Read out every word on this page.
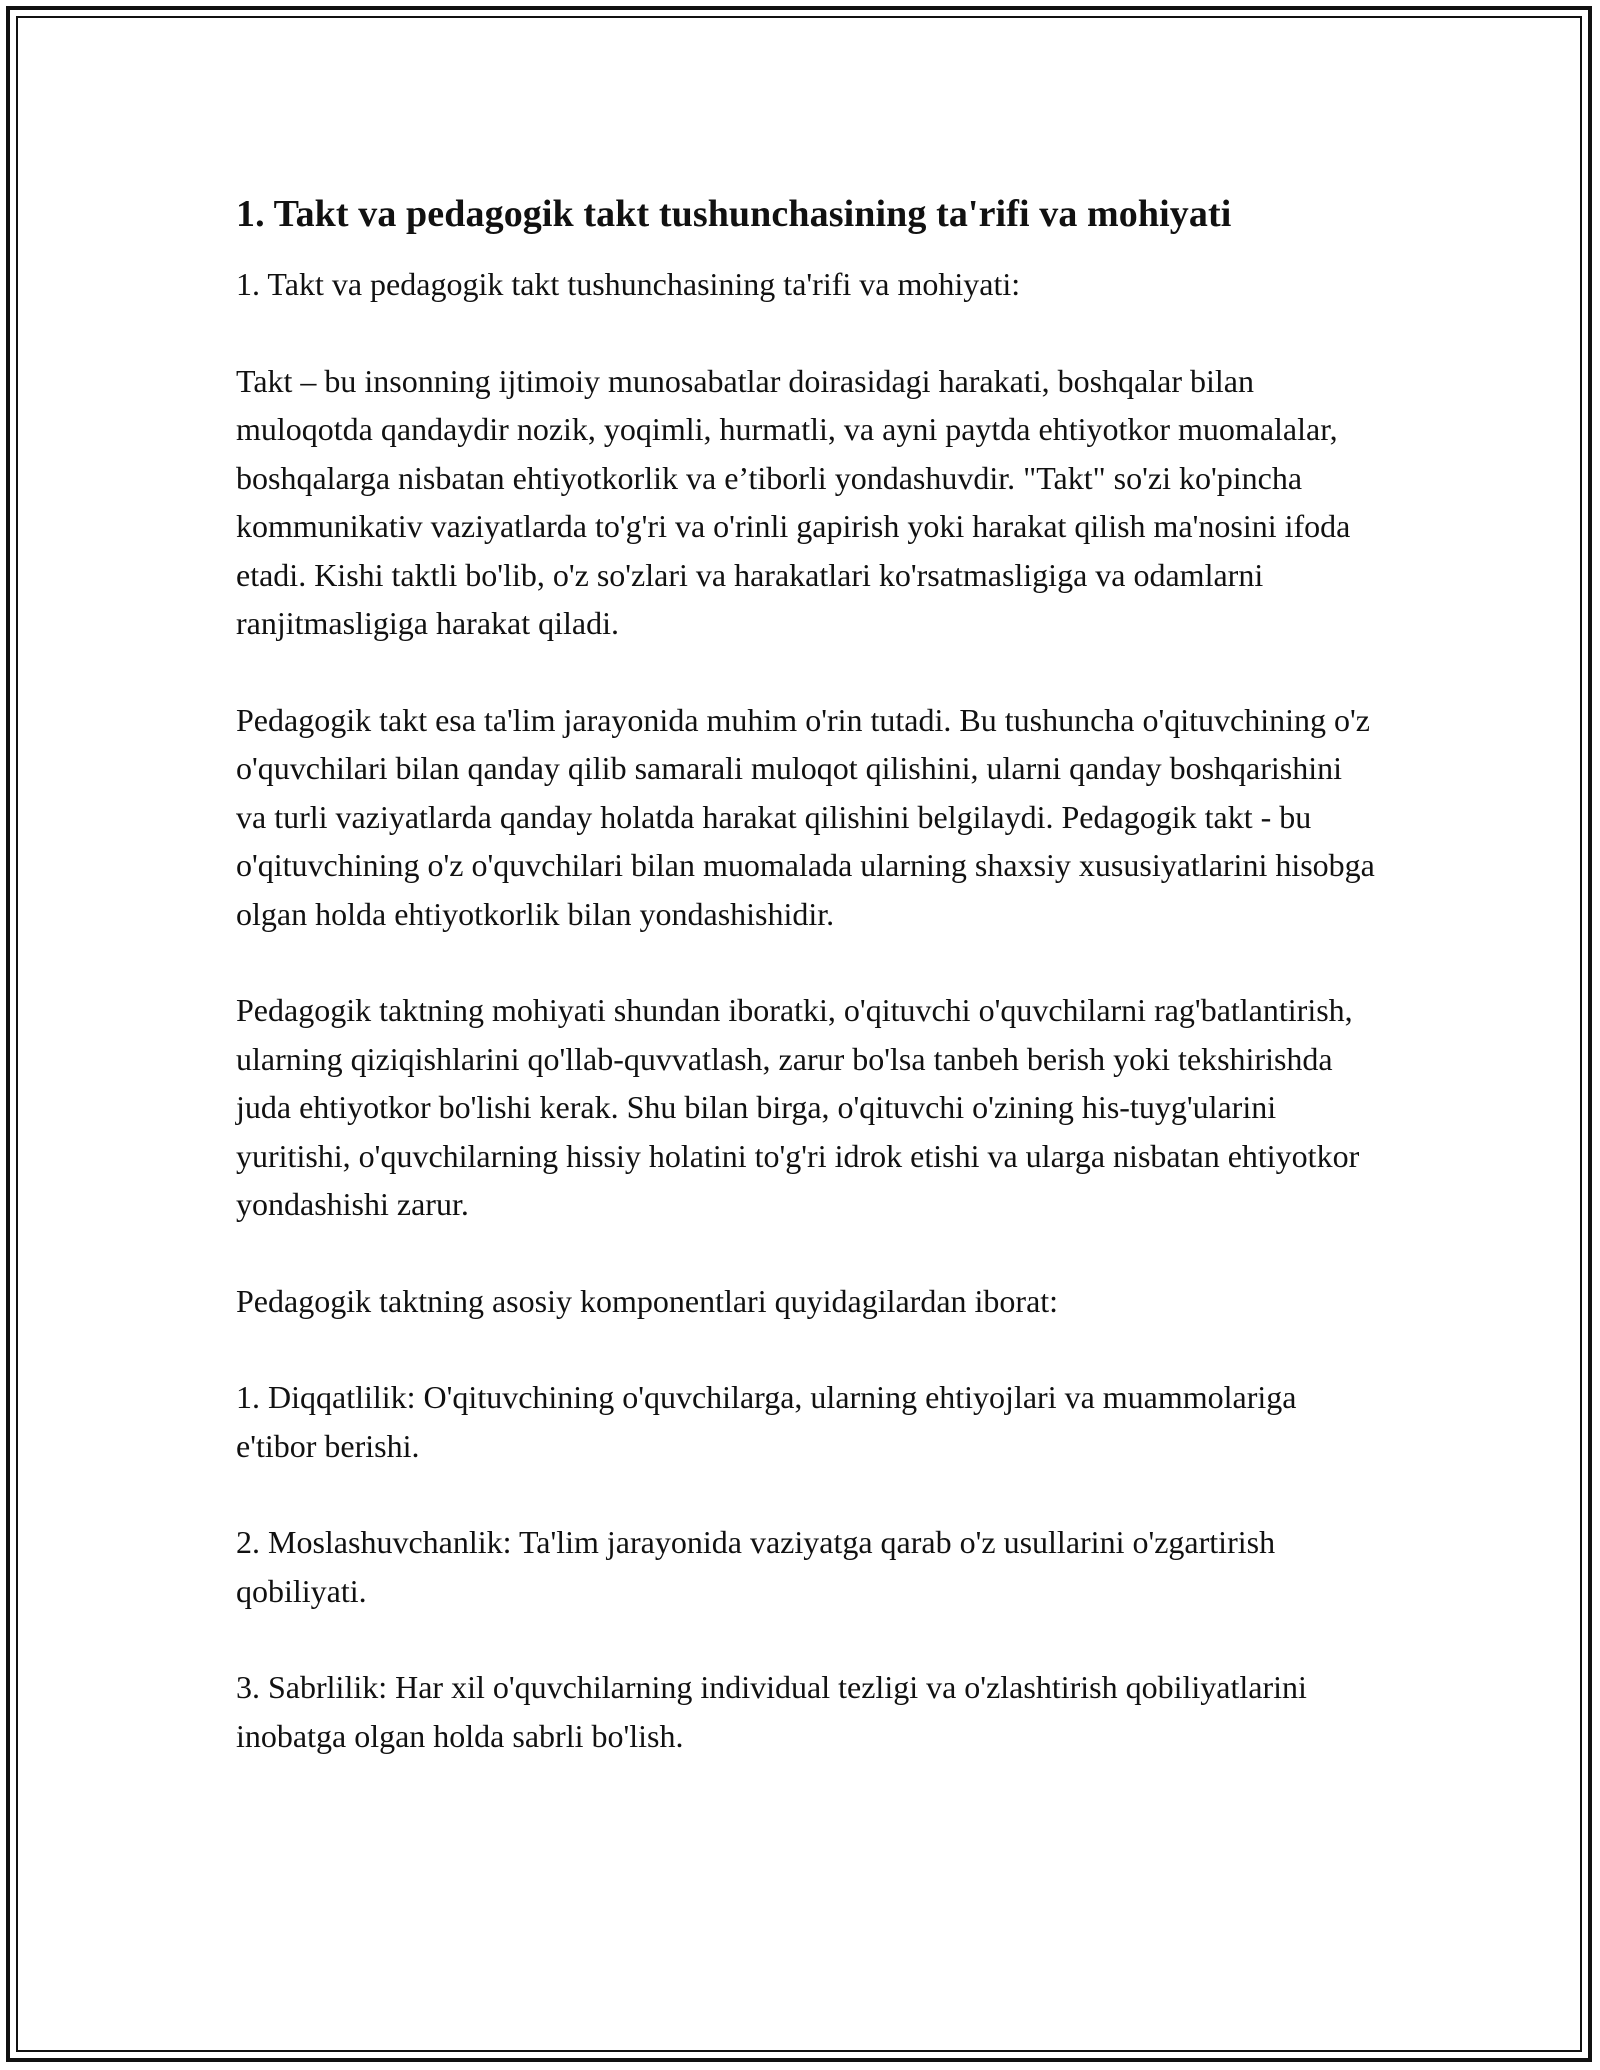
1. Takt va pedagogik takt tushunchasining ta'rifi va mohiyati

1. Takt va pedagogik takt tushunchasining ta'rifi va mohiyati:

Takt – bu insonning ijtimoiy munosabatlar doirasidagi harakati, boshqalar bilan muloqotda qandaydir nozik, yoqimli, hurmatli, va ayni paytda ehtiyotkor muomalalar, boshqalarga nisbatan ehtiyotkorlik va e’tiborli yondashuvdir. "Takt" so'zi ko'pincha kommunikativ vaziyatlarda to'g'ri va o'rinli gapirish yoki harakat qilish ma'nosini ifoda etadi. Kishi taktli bo'lib, o'z so'zlari va harakatlari ko'rsatmasligiga va odamlarni ranjitmasligiga harakat qiladi.

Pedagogik takt esa ta'lim jarayonida muhim o'rin tutadi. Bu tushuncha o'qituvchining o'z o'quvchilari bilan qanday qilib samarali muloqot qilishini, ularni qanday boshqarishini va turli vaziyatlarda qanday holatda harakat qilishini belgilaydi. Pedagogik takt - bu o'qituvchining o'z o'quvchilari bilan muomalada ularning shaxsiy xususiyatlarini hisobga olgan holda ehtiyotkorlik bilan yondashishidir.

Pedagogik taktning mohiyati shundan iboratki, o'qituvchi o'quvchilarni rag'batlantirish, ularning qiziqishlarini qo'llab-quvvatlash, zarur bo'lsa tanbeh berish yoki tekshirishda juda ehtiyotkor bo'lishi kerak. Shu bilan birga, o'qituvchi o'zining his-tuyg'ularini yuritishi, o'quvchilarning hissiy holatini to'g'ri idrok etishi va ularga nisbatan ehtiyotkor yondashishi zarur.

Pedagogik taktning asosiy komponentlari quyidagilardan iborat:

1. Diqqatlilik: O'qituvchining o'quvchilarga, ularning ehtiyojlari va muammolariga e'tibor berishi.

2. Moslashuvchanlik: Ta'lim jarayonida vaziyatga qarab o'z usullarini o'zgartirish qobiliyati.

3. Sabrlilik: Har xil o'quvchilarning individual tezligi va o'zlashtirish qobiliyatlarini inobatga olgan holda sabrli bo'lish.
